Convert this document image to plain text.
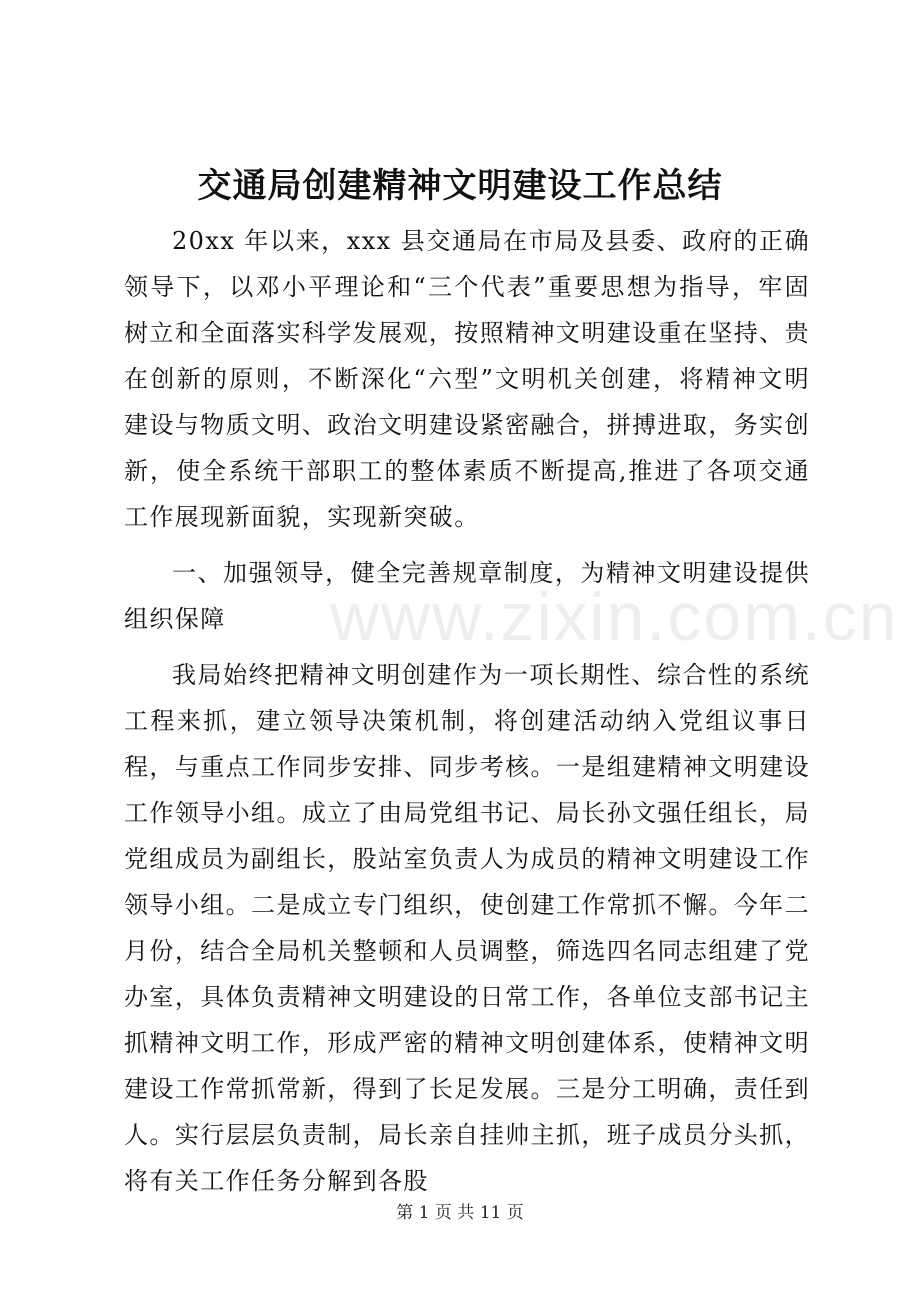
交通局创建精神文明建设工作总结

20xx 年以来，xxx 县交通局在市局及县委、政府的正确领导下，以邓小平理论和“三个代表”重要思想为指导，牢固树立和全面落实科学发展观，按照精神文明建设重在坚持、贵在创新的原则，不断深化“六型”文明机关创建，将精神文明建设与物质文明、政治文明建设紧密融合，拼搏进取，务实创新，使全系统干部职工的整体素质不断提高,推进了各项交通工作展现新面貌，实现新突破。

一、加强领导，健全完善规章制度，为精神文明建设提供组织保障

我局始终把精神文明创建作为一项长期性、综合性的系统工程来抓，建立领导决策机制，将创建活动纳入党组议事日程，与重点工作同步安排、同步考核。一是组建精神文明建设工作领导小组。成立了由局党组书记、局长孙文强任组长，局党组成员为副组长，股站室负责人为成员的精神文明建设工作领导小组。二是成立专门组织，使创建工作常抓不懈。今年二月份，结合全局机关整顿和人员调整，筛选四名同志组建了党办室，具体负责精神文明建设的日常工作，各单位支部书记主抓精神文明工作，形成严密的精神文明创建体系，使精神文明建设工作常抓常新，得到了长足发展。三是分工明确，责任到人。实行层层负责制，局长亲自挂帅主抓，班子成员分头抓，将有关工作任务分解到各股

www.zixin.com.cn
第 1 页 共 11 页
